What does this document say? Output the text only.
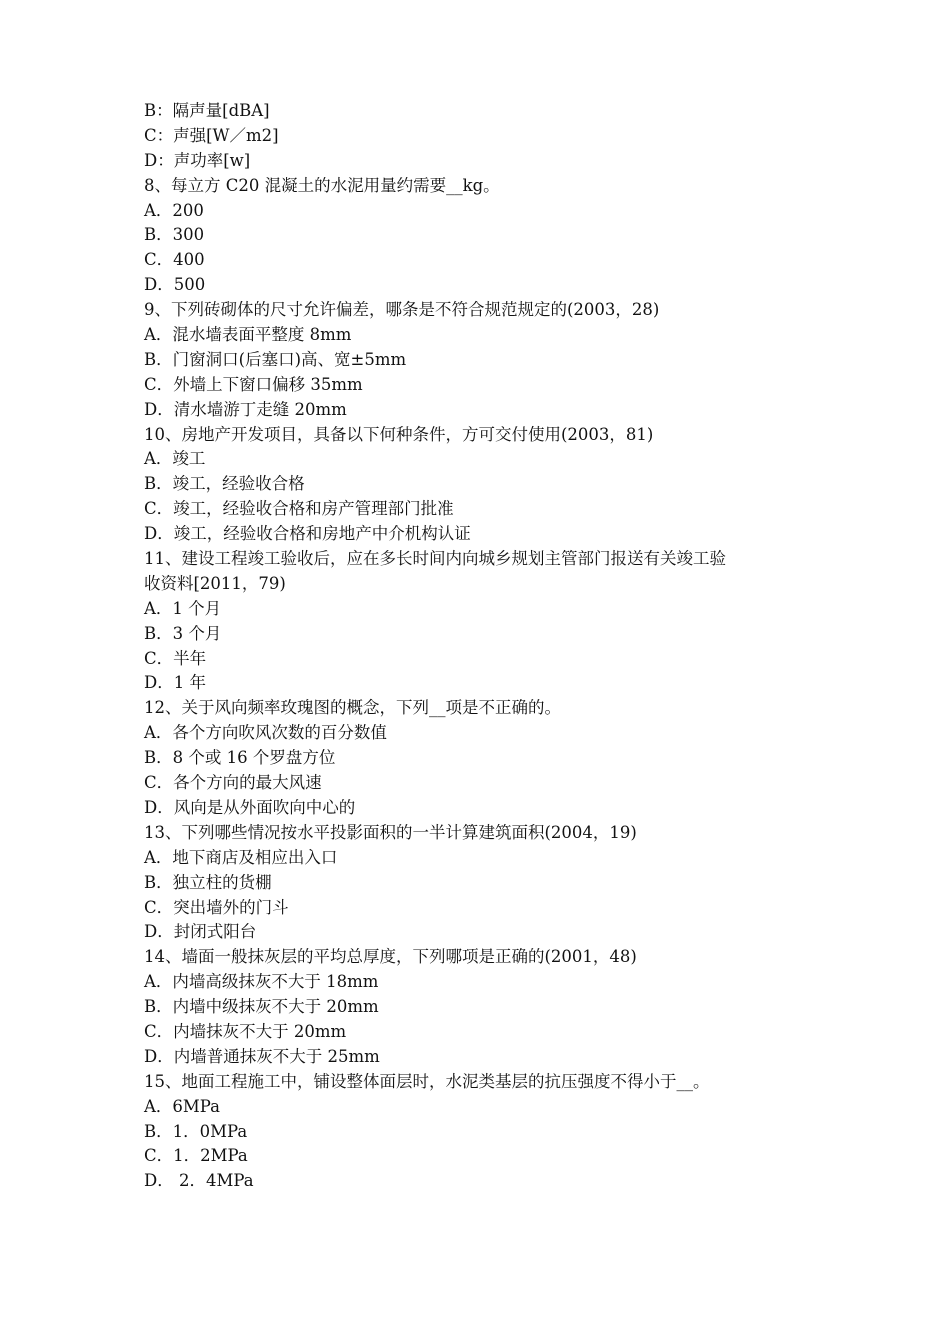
B：隔声量[dBA]
C：声强[W／m2]
D：声功率[w]
8、每立方 C20 混凝土的水泥用量约需要__kg。
A．200
B．300
C．400
D．500
9、下列砖砌体的尺寸允许偏差，哪条是不符合规范规定的(2003，28)
A．混水墙表面平整度 8mm
B．门窗洞口(后塞口)高、宽±5mm
C．外墙上下窗口偏移 35mm
D．清水墙游丁走缝 20mm
10、房地产开发项目，具备以下何种条件，方可交付使用(2003，81)
A．竣工
B．竣工，经验收合格
C．竣工，经验收合格和房产管理部门批准
D．竣工，经验收合格和房地产中介机构认证
11、建设工程竣工验收后，应在多长时间内向城乡规划主管部门报送有关竣工验
收资料[2011，79)
A．1 个月
B．3 个月
C．半年
D．1 年
12、关于风向频率玫瑰图的概念，下列__项是不正确的。
A．各个方向吹风次数的百分数值
B．8 个或 16 个罗盘方位
C．各个方向的最大风速
D．风向是从外面吹向中心的
13、下列哪些情况按水平投影面积的一半计算建筑面积(2004，19)
A．地下商店及相应出入口
B．独立柱的货棚
C．突出墙外的门斗
D．封闭式阳台
14、墙面一般抹灰层的平均总厚度，下列哪项是正确的(2001，48)
A．内墙高级抹灰不大于 18mm
B．内墙中级抹灰不大于 20mm
C．内墙抹灰不大于 20mm
D．内墙普通抹灰不大于 25mm
15、地面工程施工中，铺设整体面层时，水泥类基层的抗压强度不得小于__。
A．6MPa
B．1．0MPa
C．1．2MPa
D． 2．4MPa
